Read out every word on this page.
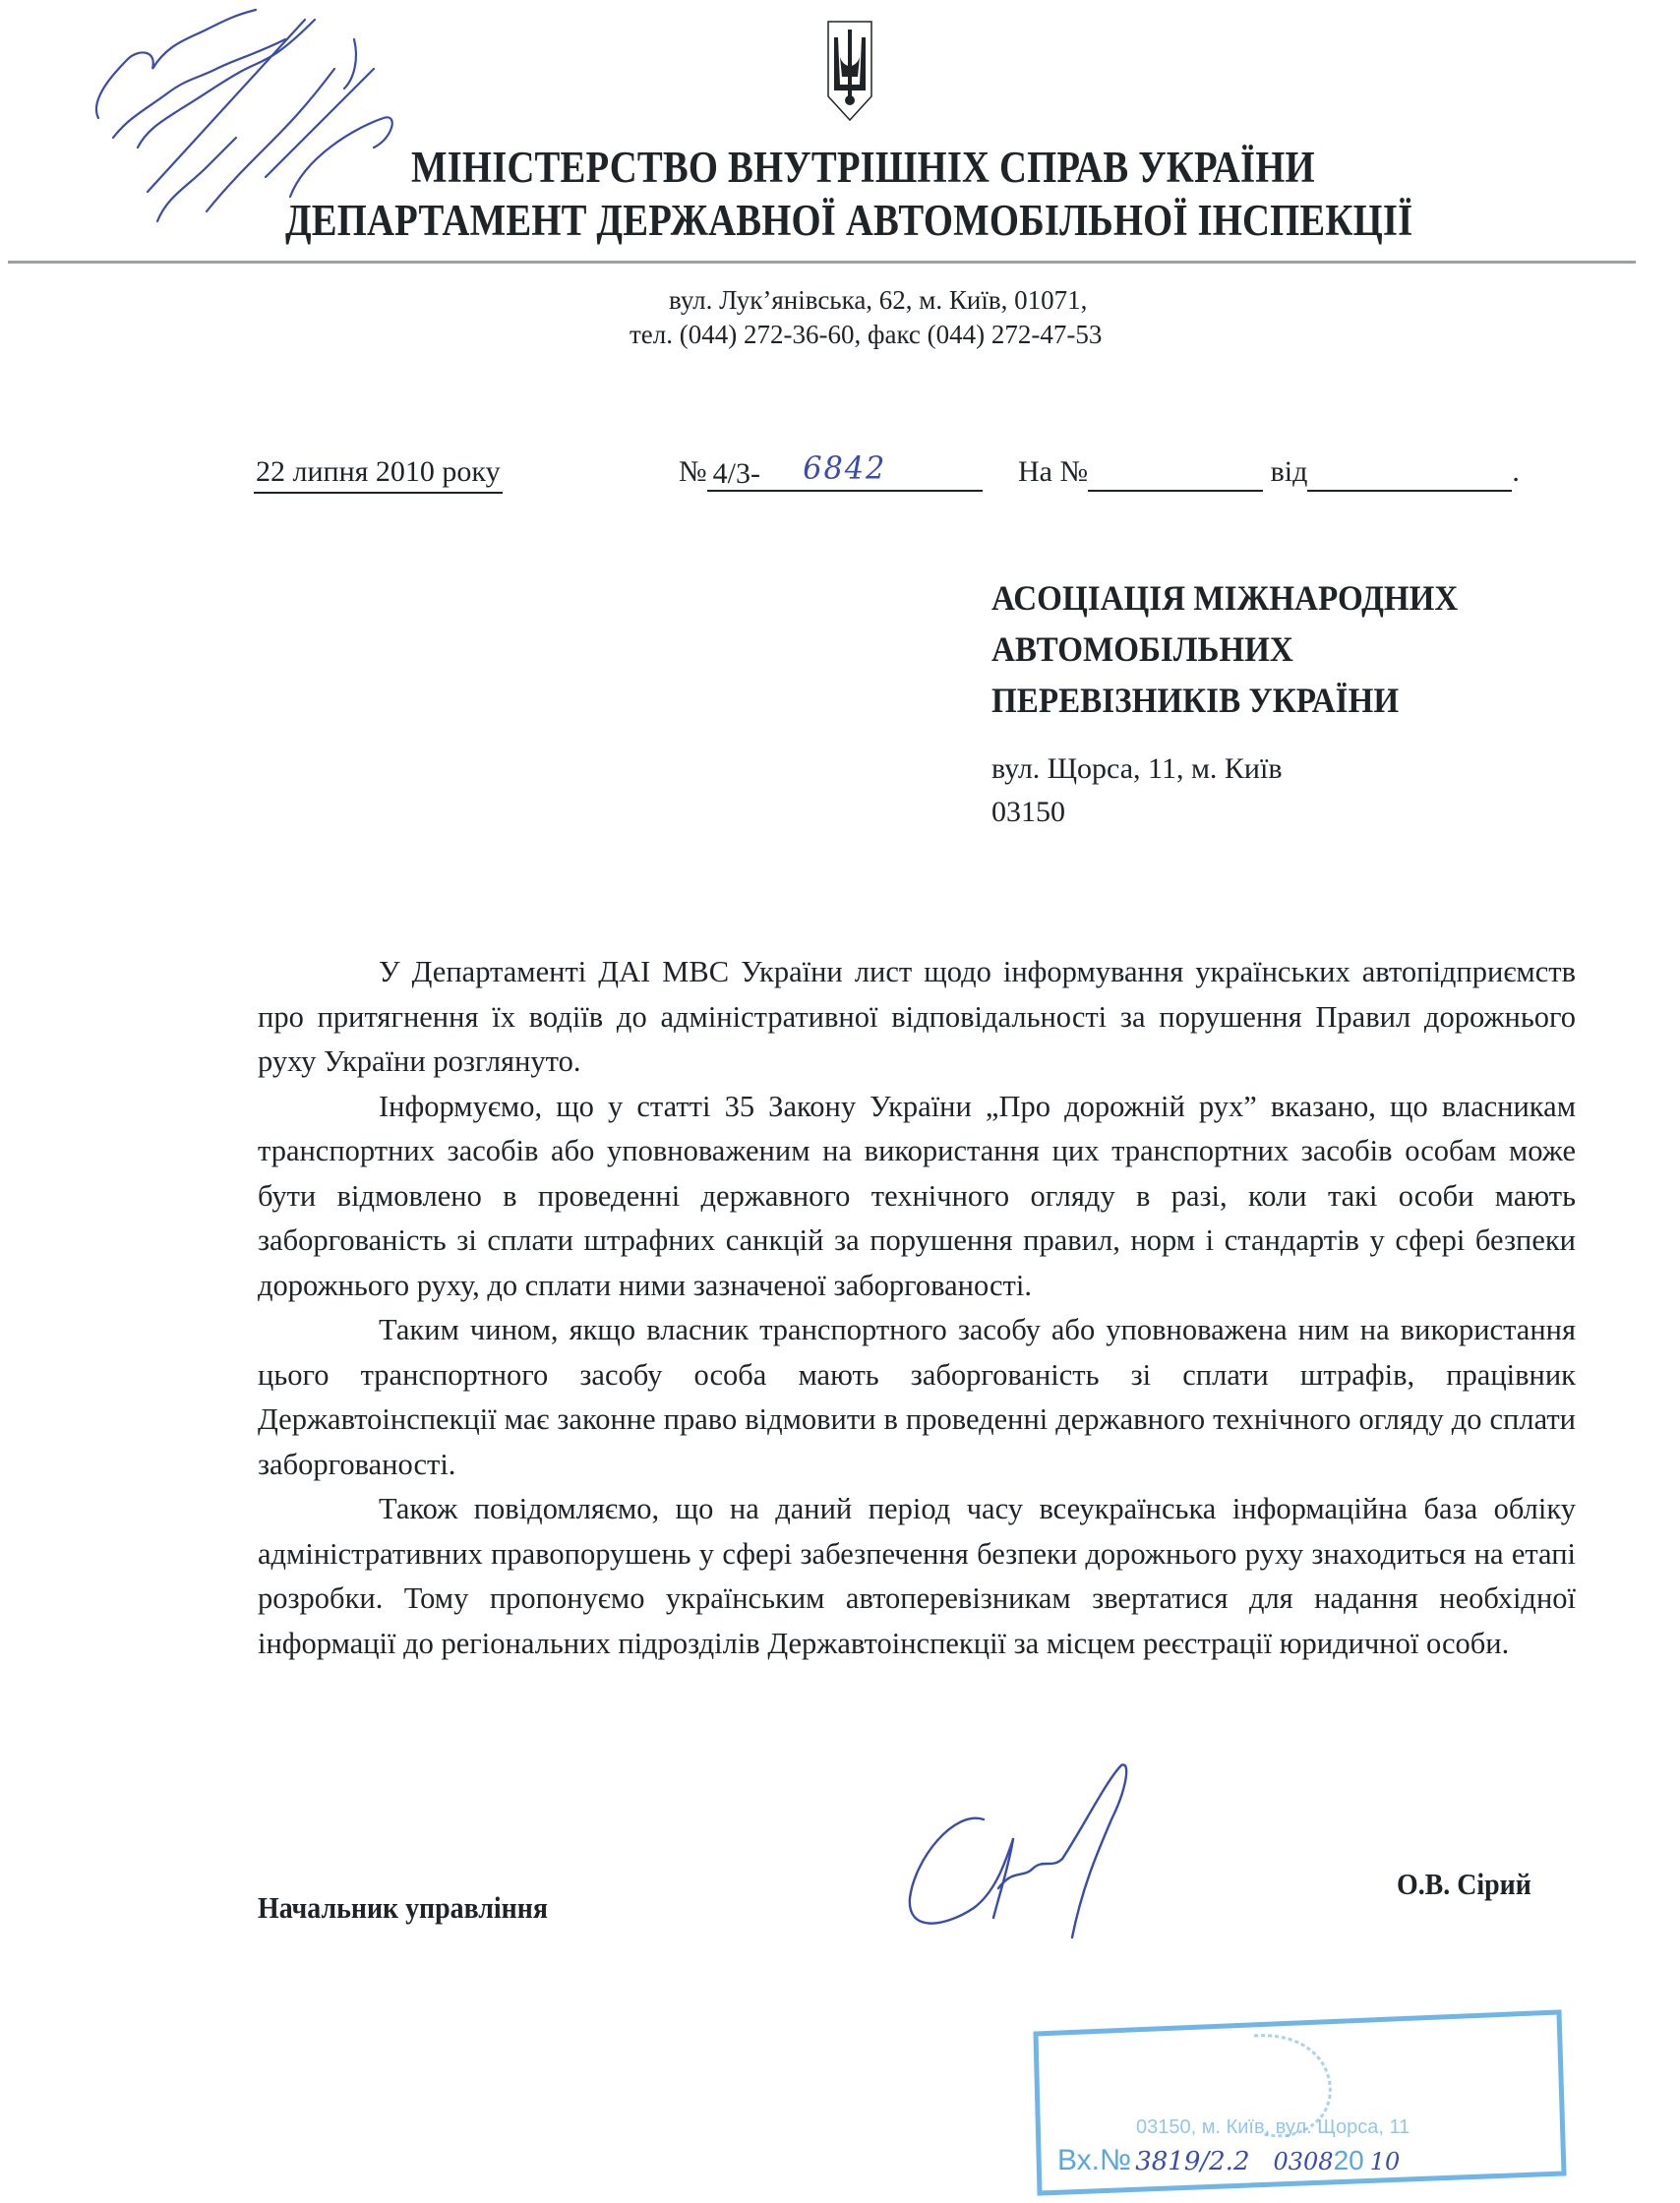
МІНІСТЕРСТВО ВНУТРІШНІХ СПРАВ УКРАЇНИ
ДЕПАРТАМЕНТ ДЕРЖАВНОЇ АВТОМОБІЛЬНОЇ ІНСПЕКЦІЇ
вул. Лук’янівська, 62, м. Київ, 01071,
тел. (044) 272-36-60, факс (044) 272-47-53
22 липня 2010 року	№ 4/3- 6842	На №	від	.
АСОЦІАЦІЯ МІЖНАРОДНИХ
АВТОМОБІЛЬНИХ
ПЕРЕВІЗНИКІВ УКРАЇНИ
вул. Щорса, 11, м. Київ
03150

У Департаменті ДАІ МВС України лист щодо інформування українських автопідприємств про притягнення їх водіїв до адміністративної відповідальності за порушення Правил дорожнього руху України розглянуто.

Інформуємо, що у статті 35 Закону України „Про дорожній рух” вказано, що власникам транспортних засобів або уповноваженим на використання цих транспортних засобів особам може бути відмовлено в проведенні державного технічного огляду в разі, коли такі особи мають заборгованість зі сплати штрафних санкцій за порушення правил, норм і стандартів у сфері безпеки дорожнього руху, до сплати ними зазначеної заборгованості.

Таким чином, якщо власник транспортного засобу або уповноважена ним на використання цього транспортного засобу особа мають заборгованість зі сплати штрафів, працівник Державтоінспекції має законне право відмовити в проведенні державного технічного огляду до сплати заборгованості.

Також повідомляємо, що на даний період часу всеукраїнська інформаційна база обліку адміністративних правопорушень у сфері забезпечення безпеки дорожнього руху знаходиться на етапі розробки. Тому пропонуємо українським автоперевізникам звертатися для надання необхідної інформації до регіональних підрозділів Державтоінспекції за місцем реєстрації юридичної особи.

Начальник управління
О.В. Сірий
03150, м. Київ, вул. Щорса, 11
Вх.№ 3819/2.2 030820 10
